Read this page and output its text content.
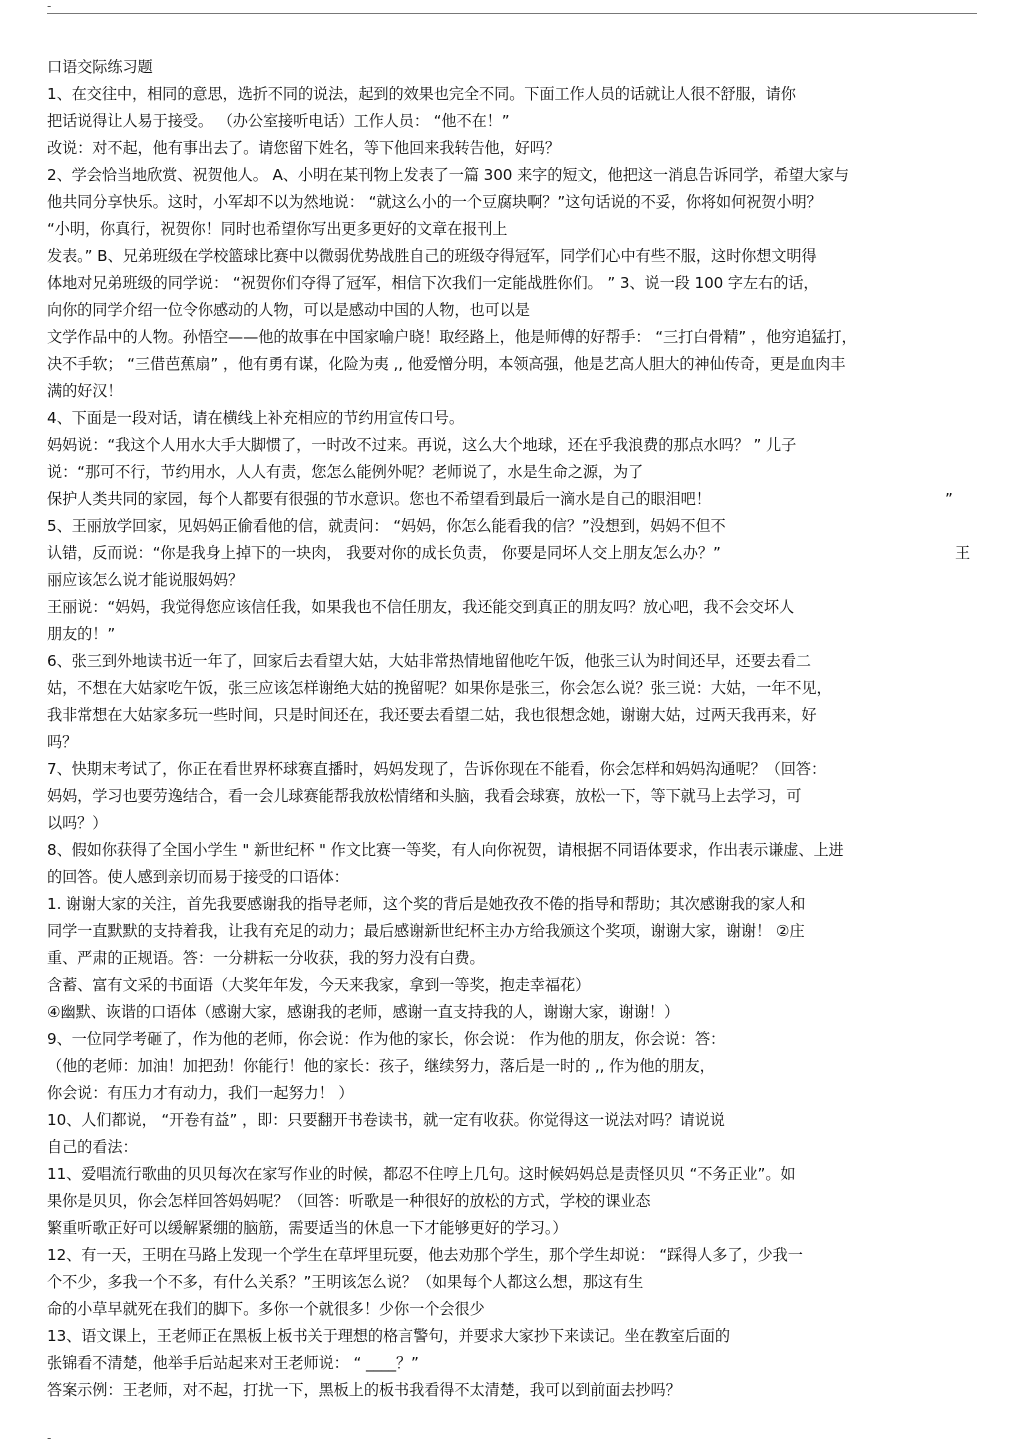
-
口语交际练习题
1、在交往中，相同的意思，选折不同的说法，起到的效果也完全不同。下面工作人员的话就让人很不舒服，请你
把话说得让人易于接受。 （办公室接听电话）工作人员： “他不在！”
改说：对不起，他有事出去了。请您留下姓名，等下他回来我转告他，好吗？
2、学会恰当地欣赏、祝贺他人。 A、小明在某刊物上发表了一篇 300 来字的短文，他把这一消息告诉同学，希望大家与
他共同分享快乐。这时，小军却不以为然地说： “就这么小的一个豆腐块啊？”这句话说的不妥，你将如何祝贺小明？
“小明，你真行，祝贺你！同时也希望你写出更多更好的文章在报刊上
发表。” B、兄弟班级在学校篮球比赛中以微弱优势战胜自己的班级夺得冠军，同学们心中有些不服，这时你想文明得
体地对兄弟班级的同学说： “祝贺你们夺得了冠军，相信下次我们一定能战胜你们。 ” 3、说一段 100 字左右的话，
向你的同学介绍一位令你感动的人物，可以是感动中国的人物，也可以是
文学作品中的人物。孙悟空——他的故事在中国家喻户晓！取经路上，他是师傅的好帮手： “三打白骨精” ，他穷追猛打，
决不手软； “三借芭蕉扇” ，他有勇有谋，化险为夷 ,, 他爱憎分明，本领高强，他是艺高人胆大的神仙传奇，更是血肉丰
满的好汉！
4、下面是一段对话，请在横线上补充相应的节约用宣传口号。
妈妈说：“我这个人用水大手大脚惯了，一时改不过来。再说，这么大个地球，还在乎我浪费的那点水吗？ ” 儿子
说：“那可不行，节约用水，人人有责，您怎么能例外呢？老师说了，水是生命之源，为了
保护人类共同的家园，每个人都要有很强的节水意识。您也不希望看到最后一滴水是自己的眼泪吧！	”
5、王丽放学回家，见妈妈正偷看他的信，就责问： “妈妈，你怎么能看我的信？”没想到，妈妈不但不
认错，反而说：“你是我身上掉下的一块肉， 我要对你的成长负责， 你要是同坏人交上朋友怎么办？”	王
丽应该怎么说才能说服妈妈？
王丽说：“妈妈，我觉得您应该信任我，如果我也不信任朋友，我还能交到真正的朋友吗？放心吧，我不会交坏人
朋友的！”
6、张三到外地读书近一年了，回家后去看望大姑，大姑非常热情地留他吃午饭，他张三认为时间还早，还要去看二
姑，不想在大姑家吃午饭，张三应该怎样谢绝大姑的挽留呢？如果你是张三，你会怎么说？张三说：大姑，一年不见，
我非常想在大姑家多玩一些时间，只是时间还在，我还要去看望二姑，我也很想念她，谢谢大姑，过两天我再来，好
吗？
7、快期末考试了，你正在看世界杯球赛直播时，妈妈发现了，告诉你现在不能看，你会怎样和妈妈沟通呢？（回答：
妈妈，学习也要劳逸结合，看一会儿球赛能帮我放松情绪和头脑，我看会球赛，放松一下，等下就马上去学习，可
以吗？）
8、假如你获得了全国小学生 " 新世纪杯 " 作文比赛一等奖，有人向你祝贺，请根据不同语体要求，作出表示谦虚、上进
的回答。使人感到亲切而易于接受的口语体：
1. 谢谢大家的关注，首先我要感谢我的指导老师，这个奖的背后是她孜孜不倦的指导和帮助；其次感谢我的家人和
同学一直默默的支持着我，让我有充足的动力；最后感谢新世纪杯主办方给我颁这个奖项，谢谢大家，谢谢！ ②庄
重、严肃的正规语。答：一分耕耘一分收获，我的努力没有白费。
含蓄、富有文采的书面语（大奖年年发，今天来我家，拿到一等奖，抱走幸福花）
④幽默、诙谐的口语体（感谢大家，感谢我的老师，感谢一直支持我的人，谢谢大家，谢谢！）
9、一位同学考砸了，作为他的老师，你会说：作为他的家长，你会说： 作为他的朋友，你会说：答：
（他的老师：加油！加把劲！你能行！他的家长：孩子，继续努力，落后是一时的 ,, 作为他的朋友，
你会说：有压力才有动力，我们一起努力！ ）
10、人们都说， “开卷有益” ，即：只要翻开书卷读书，就一定有收获。你觉得这一说法对吗？请说说
自己的看法：
11、爱唱流行歌曲的贝贝每次在家写作业的时候，都忍不住哼上几句。这时候妈妈总是责怪贝贝 “不务正业”。如
果你是贝贝，你会怎样回答妈妈呢？（回答：听歌是一种很好的放松的方式，学校的课业态
繁重听歌正好可以缓解紧绷的脑筋，需要适当的休息一下才能够更好的学习。）
12、有一天，王明在马路上发现一个学生在草坪里玩耍，他去劝那个学生，那个学生却说： “踩得人多了，少我一
个不少，多我一个不多，有什么关系？”王明该怎么说？（如果每个人都这么想，那这有生
命的小草早就死在我们的脚下。多你一个就很多！少你一个会很少
13、语文课上，王老师正在黑板上板书关于理想的格言警句，并要求大家抄下来读记。坐在教室后面的
张锦看不清楚，他举手后站起来对王老师说： “ ____？”
答案示例：王老师，对不起，打扰一下，黑板上的板书我看得不太清楚，我可以到前面去抄吗？
-
